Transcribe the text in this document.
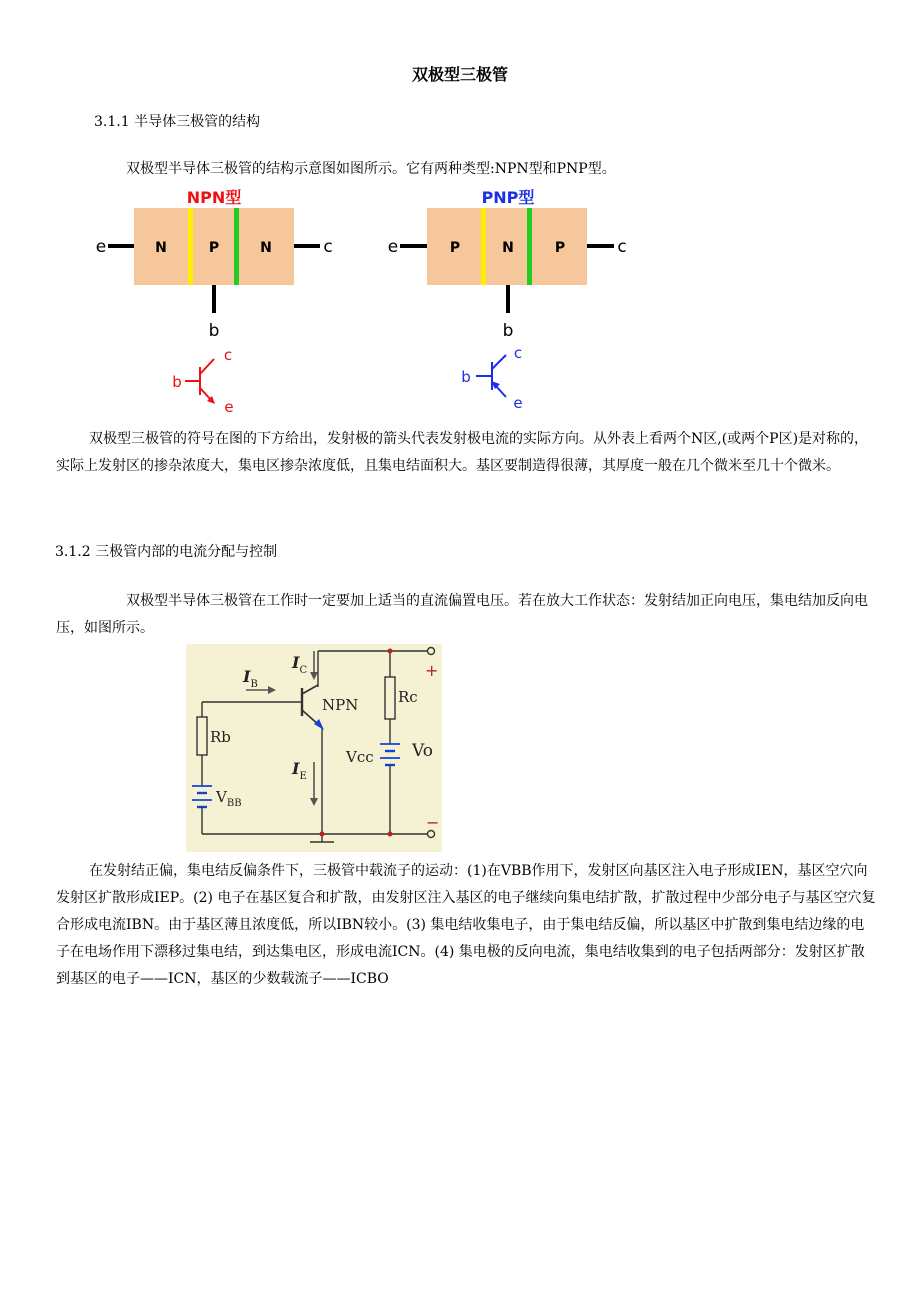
双极型三极管
3.1.1 半导体三极管的结构
双极型半导体三极管的结构示意图如图所示。它有两种类型:NPN型和PNP型。
NPN型
N	P	N
e	c
b
b
c
e
PNP型
P	N	P
e	c
b
b
c
e
双极型三极管的符号在图的下方给出，发射极的箭头代表发射极电流的实际方向。从外表上看两个N区,(或两个P区)是对称的，实际上发射区的掺杂浓度大，集电区掺杂浓度低，且集电结面积大。基区要制造得很薄，其厚度一般在几个微米至几十个微米。
3.1.2 三极管内部的电流分配与控制
双极型半导体三极管在工作时一定要加上适当的直流偏置电压。若在放大工作状态：发射结加正向电压，集电结加反向电压，如图所示。
$I_C$
$I_B$
$I_E$
NPN
Rb
Rc
Vcc Vo
$V_{BB}$
+
−
在发射结正偏，集电结反偏条件下，三极管中载流子的运动：(1)在VBB作用下，发射区向基区注入电子形成IEN，基区空穴向发射区扩散形成IEP。(2) 电子在基区复合和扩散，由发射区注入基区的电子继续向集电结扩散，扩散过程中少部分电子与基区空穴复合形成电流IBN。由于基区薄且浓度低，所以IBN较小。(3) 集电结收集电子，由于集电结反偏，所以基区中扩散到集电结边缘的电子在电场作用下漂移过集电结，到达集电区，形成电流ICN。(4) 集电极的反向电流，集电结收集到的电子包括两部分：发射区扩散到基区的电子——ICN，基区的少数载流子——ICBO
